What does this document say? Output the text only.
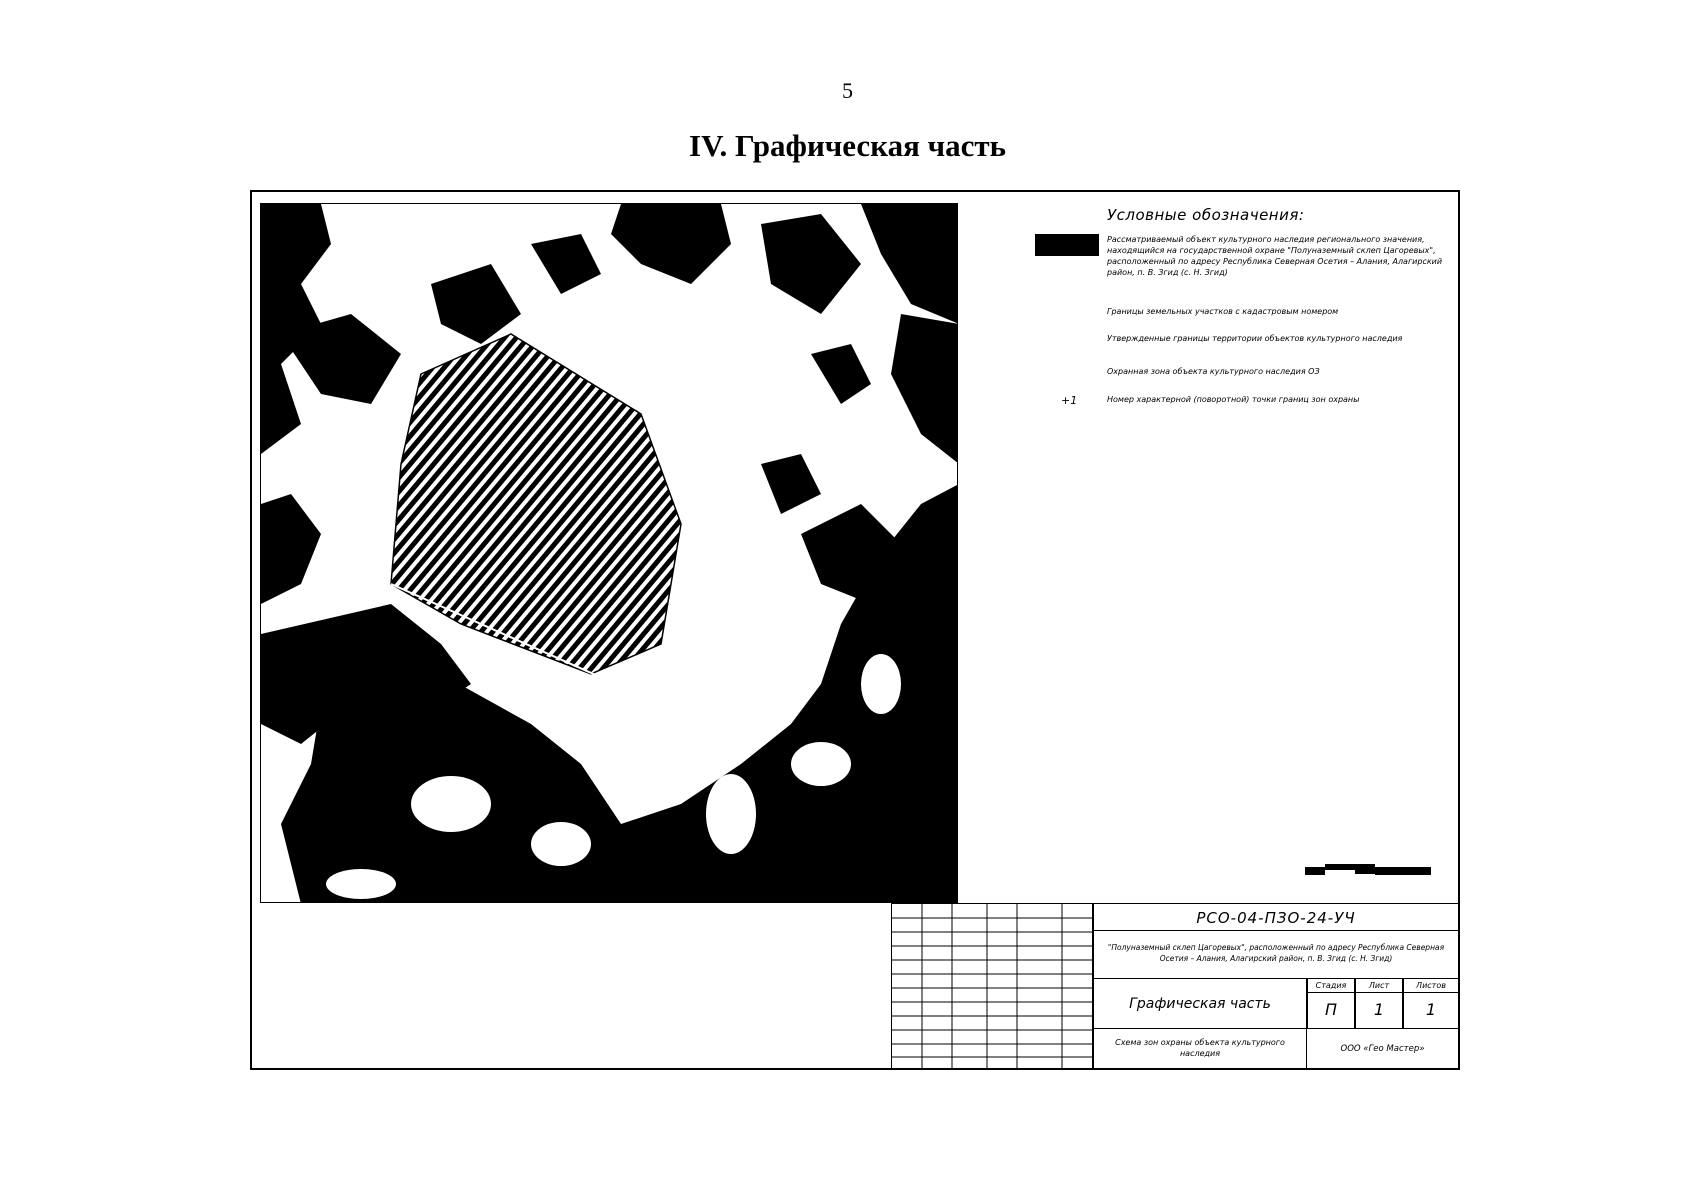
5
IV. Графическая часть
Условные обозначения:
Рассматриваемый объект культурного наследия регионального значения, находящийся на государственной охране "Полуназемный склеп Цагоревых", расположенный по адресу Республика Северная Осетия – Алания, Алагирский район, п. В. Згид (с. Н. Згид)
Границы земельных участков с кадастровым номером
Утвержденные границы территории объектов культурного наследия
Охранная зона объекта культурного наследия ОЗ
+1	Номер характерной (поворотной) точки границ зон охраны
РСО-04-ПЗО-24-УЧ
"Полуназемный склеп Цагоревых", расположенный по адресу Республика Северная Осетия – Алания, Алагирский район, п. В. Згид (с. Н. Згид)
Графическая часть
Стадия	Лист	Листов
П	1	1
Схема зон охраны объекта культурного наследия	ООО «Гео Мастер»
